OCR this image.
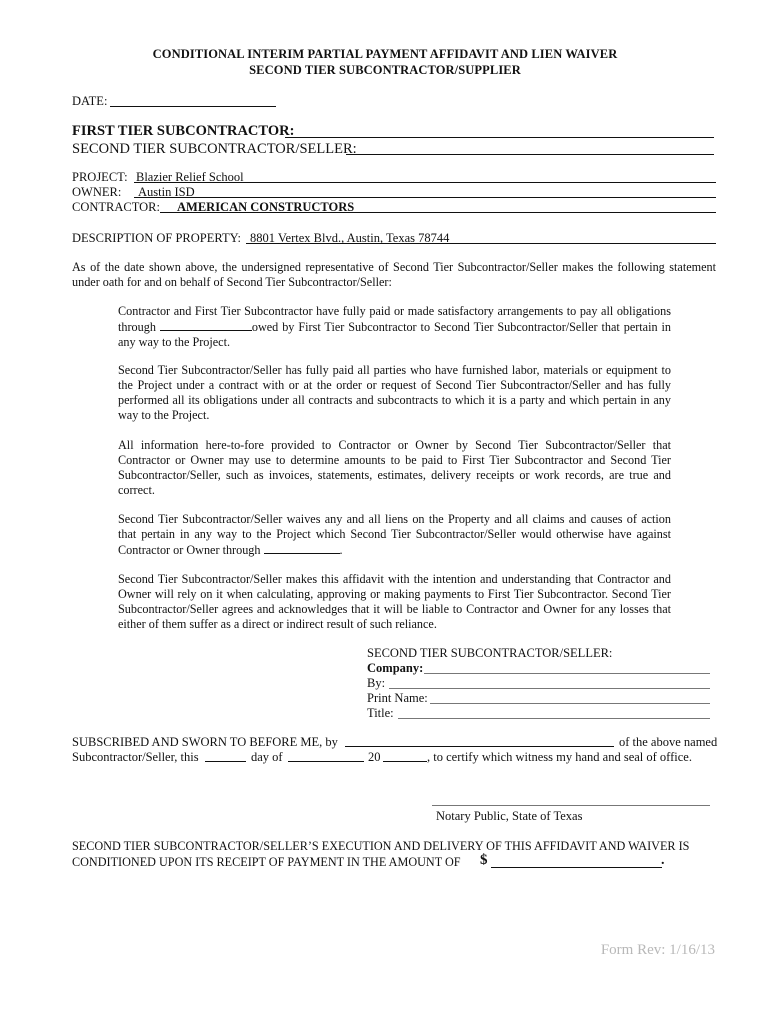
CONDITIONAL INTERIM PARTIAL PAYMENT AFFIDAVIT AND LIEN WAIVER
SECOND TIER SUBCONTRACTOR/SUPPLIER
DATE:
FIRST TIER SUBCONTRACTOR:
SECOND TIER SUBCONTRACTOR/SELLER:
PROJECT: Blazier Relief School
OWNER: Austin ISD
CONTRACTOR: AMERICAN CONSTRUCTORS
DESCRIPTION OF PROPERTY: 8801 Vertex Blvd., Austin, Texas 78744

As of the date shown above, the undersigned representative of Second Tier Subcontractor/Seller makes the following statement under oath for and on behalf of Second Tier Subcontractor/Seller:

Contractor and First Tier Subcontractor have fully paid or made satisfactory arrangements to pay all obligations through	owed by First Tier Subcontractor to Second Tier Subcontractor/Seller that pertain in any way to the Project.

Second Tier Subcontractor/Seller has fully paid all parties who have furnished labor, materials or equipment to the Project under a contract with or at the order or request of Second Tier Subcontractor/Seller and has fully performed all its obligations under all contracts and subcontracts to which it is a party and which pertain in any way to the Project.

All information here-to-fore provided to Contractor or Owner by Second Tier Subcontractor/Seller that Contractor or Owner may use to determine amounts to be paid to First Tier Subcontractor and Second Tier Subcontractor/Seller, such as invoices, statements, estimates, delivery receipts or work records, are true and correct.

Second Tier Subcontractor/Seller waives any and all liens on the Property and all claims and causes of action that pertain in any way to the Project which Second Tier Subcontractor/Seller would otherwise have against Contractor or Owner through	.

Second Tier Subcontractor/Seller makes this affidavit with the intention and understanding that Contractor and Owner will rely on it when calculating, approving or making payments to First Tier Subcontractor. Second Tier Subcontractor/Seller agrees and acknowledges that it will be liable to Contractor and Owner for any losses that either of them suffer as a direct or indirect result of such reliance.

SECOND TIER SUBCONTRACTOR/SELLER:
Company:
By:
Print Name:
Title:
SUBSCRIBED AND SWORN TO BEFORE ME, by	of the above named
Subcontractor/Seller, this	day of	20	, to certify which witness my hand and seal of office.
Notary Public, State of Texas
SECOND TIER SUBCONTRACTOR/SELLER’S EXECUTION AND DELIVERY OF THIS AFFIDAVIT AND WAIVER IS
CONDITIONED UPON ITS RECEIPT OF PAYMENT IN THE AMOUNT OF $	.
Form Rev: 1/16/13
